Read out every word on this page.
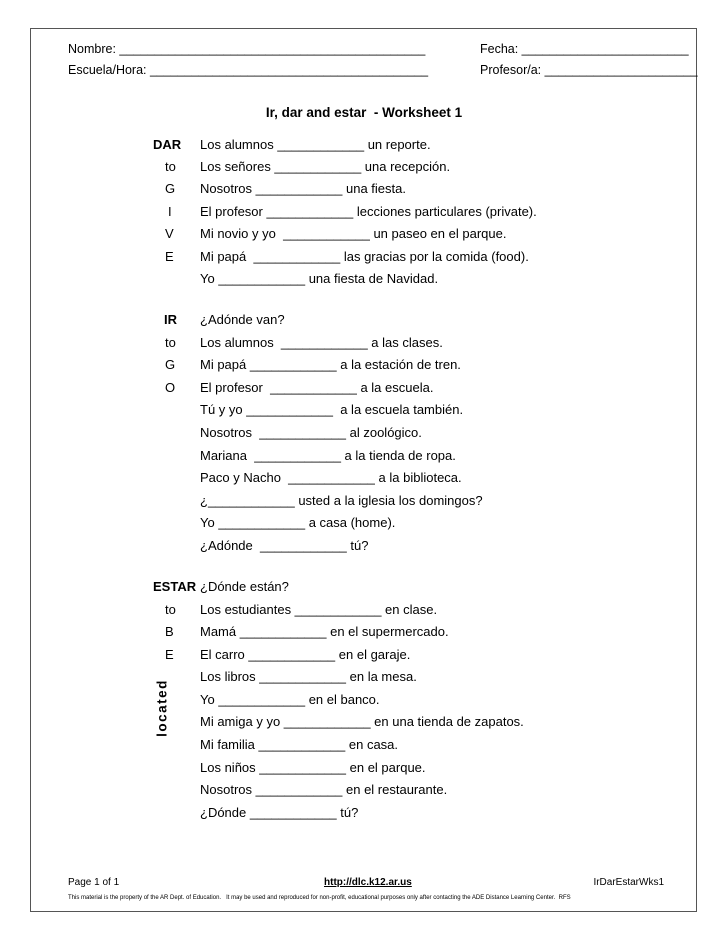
Nombre: ____________________________________________	Fecha: ________________________
Escuela/Hora: ________________________________________	Profesor/a: ______________________
Ir, dar and estar  - Worksheet 1
DAR Los alumnos ____________ un reporte.
to Los señores ____________ una recepción.
G Nosotros ____________ una fiesta.
I El profesor ____________ lecciones particulares (private).
V Mi novio y yo  ____________ un paseo en el parque.
E Mi papá  ____________ las gracias por la comida (food).
Yo ____________ una fiesta de Navidad.
IR ¿Adónde van?
to Los alumnos  ____________ a las clases.
G Mi papá ____________ a la estación de tren.
O El profesor  ____________ a la escuela.
Tú y yo ____________  a la escuela también.
Nosotros  ____________ al zoológico.
Mariana  ____________ a la tienda de ropa.
Paco y Nacho  ____________ a la biblioteca.
¿____________ usted a la iglesia los domingos?
Yo ____________ a casa (home).
¿Adónde  ____________ tú?
ESTAR ¿Dónde están?
to Los estudiantes ____________ en clase.
B Mamá ____________ en el supermercado.
E El carro ____________ en el garaje.
Los libros ____________ en la mesa.
Yo ____________ en el banco.
Mi amiga y yo ____________ en una tienda de zapatos.
Mi familia ____________ en casa.
Los niños ____________ en el parque.
Nosotros ____________ en el restaurante.
¿Dónde ____________ tú?
located
Page 1 of 1	http://dlc.k12.ar.us	IrDarEstarWks1
This material is the property of the AR Dept. of Education.   It may be used and reproduced for non-profit, educational purposes only after contacting the ADE Distance Learning Center.  RFS
